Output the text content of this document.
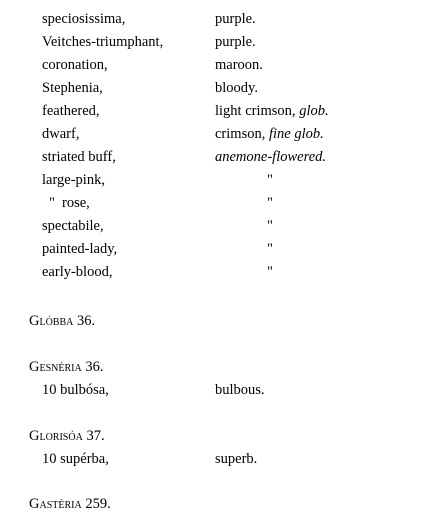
speciosissima,	purple.
Veitches-triumphant,	purple.
coronation,	maroon.
Stephenia,	bloody.
feathered,	light crimson, glob.
dwarf,	crimson, fine glob.
striated buff,	anemone-flowered.
large-pink,	"
" rose,	"
spectabile,	"
painted-lady,	"
early-blood,	"
Glóbba 36.
Gesnéria 36.
10 bulbósa,	bulbous.
Glorisóa 37.
10 supérba,	superb.
Gastèria 259.
